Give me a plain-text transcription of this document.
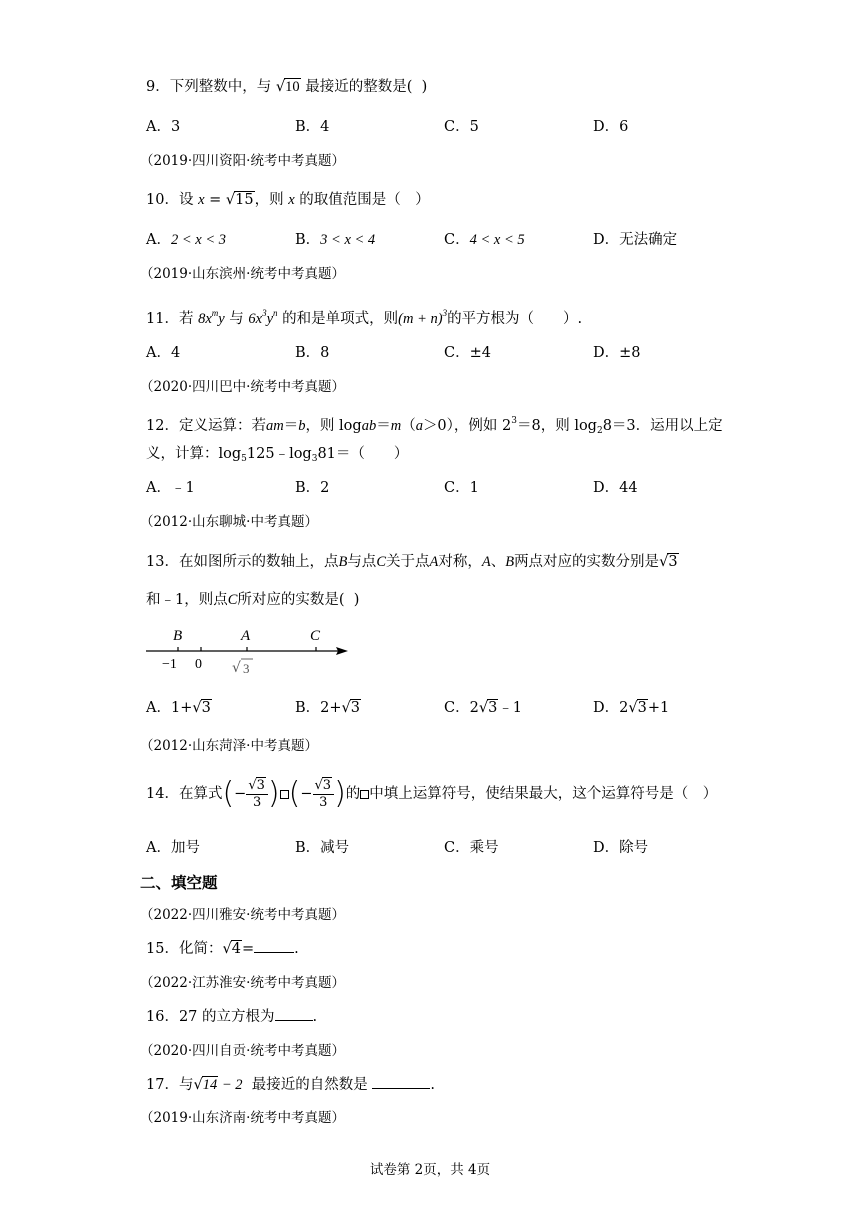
9．下列整数中，与 √10 最接近的整数是( )
A．3	B．4	C．5	D．6
（2019·四川资阳·统考中考真题）
10．设 x = √15，则 x 的取值范围是（　）
A．2 < x < 3	B．3 < x < 4	C．4 < x < 5	D．无法确定
（2019·山东滨州·统考中考真题）
11．若 $8x^my$ 与 $6x^3y^n$ 的和是单项式，则$(m + n)^3$的平方根为（　　）.
A．4	B．8	C．±4	D．±8
（2020·四川巴中·统考中考真题）
12．定义运算：若am＝b，则 logab＝m（a＞0），例如 $2^3=8$，则 $\log_28=3$．运用以上定
义，计算：$\log_5125﹣\log_381=$（　　）
A．﹣1	B．2	C．1	D．44
（2012·山东聊城·中考真题）
13．在如图所示的数轴上，点B与点C关于点A对称，A、B两点对应的实数分别是√3
和﹣1，则点C所对应的实数是( )
B	A	C
−1 0 √ 3
A．1+√3	B．2+√3	C．2√3﹣1	D．2√3+1
（2012·山东菏泽·中考真题）
14．在算式(− $\frac{√3}{3}$ ) (− $\frac{√3}{3}$ )的 中填上运算符号，使结果最大，这个运算符号是（　）
A．加号	B．减号	C．乘号	D．除号
二、填空题
（2022·四川雅安·统考中考真题）
15．化简：√4=	.
（2022·江苏淮安·统考中考真题）
16．27 的立方根为	.
（2020·四川自贡·统考中考真题）
17．与√14 − 2 最接近的自然数是	.
（2019·山东济南·统考中考真题）
试卷第 2页，共 4页
